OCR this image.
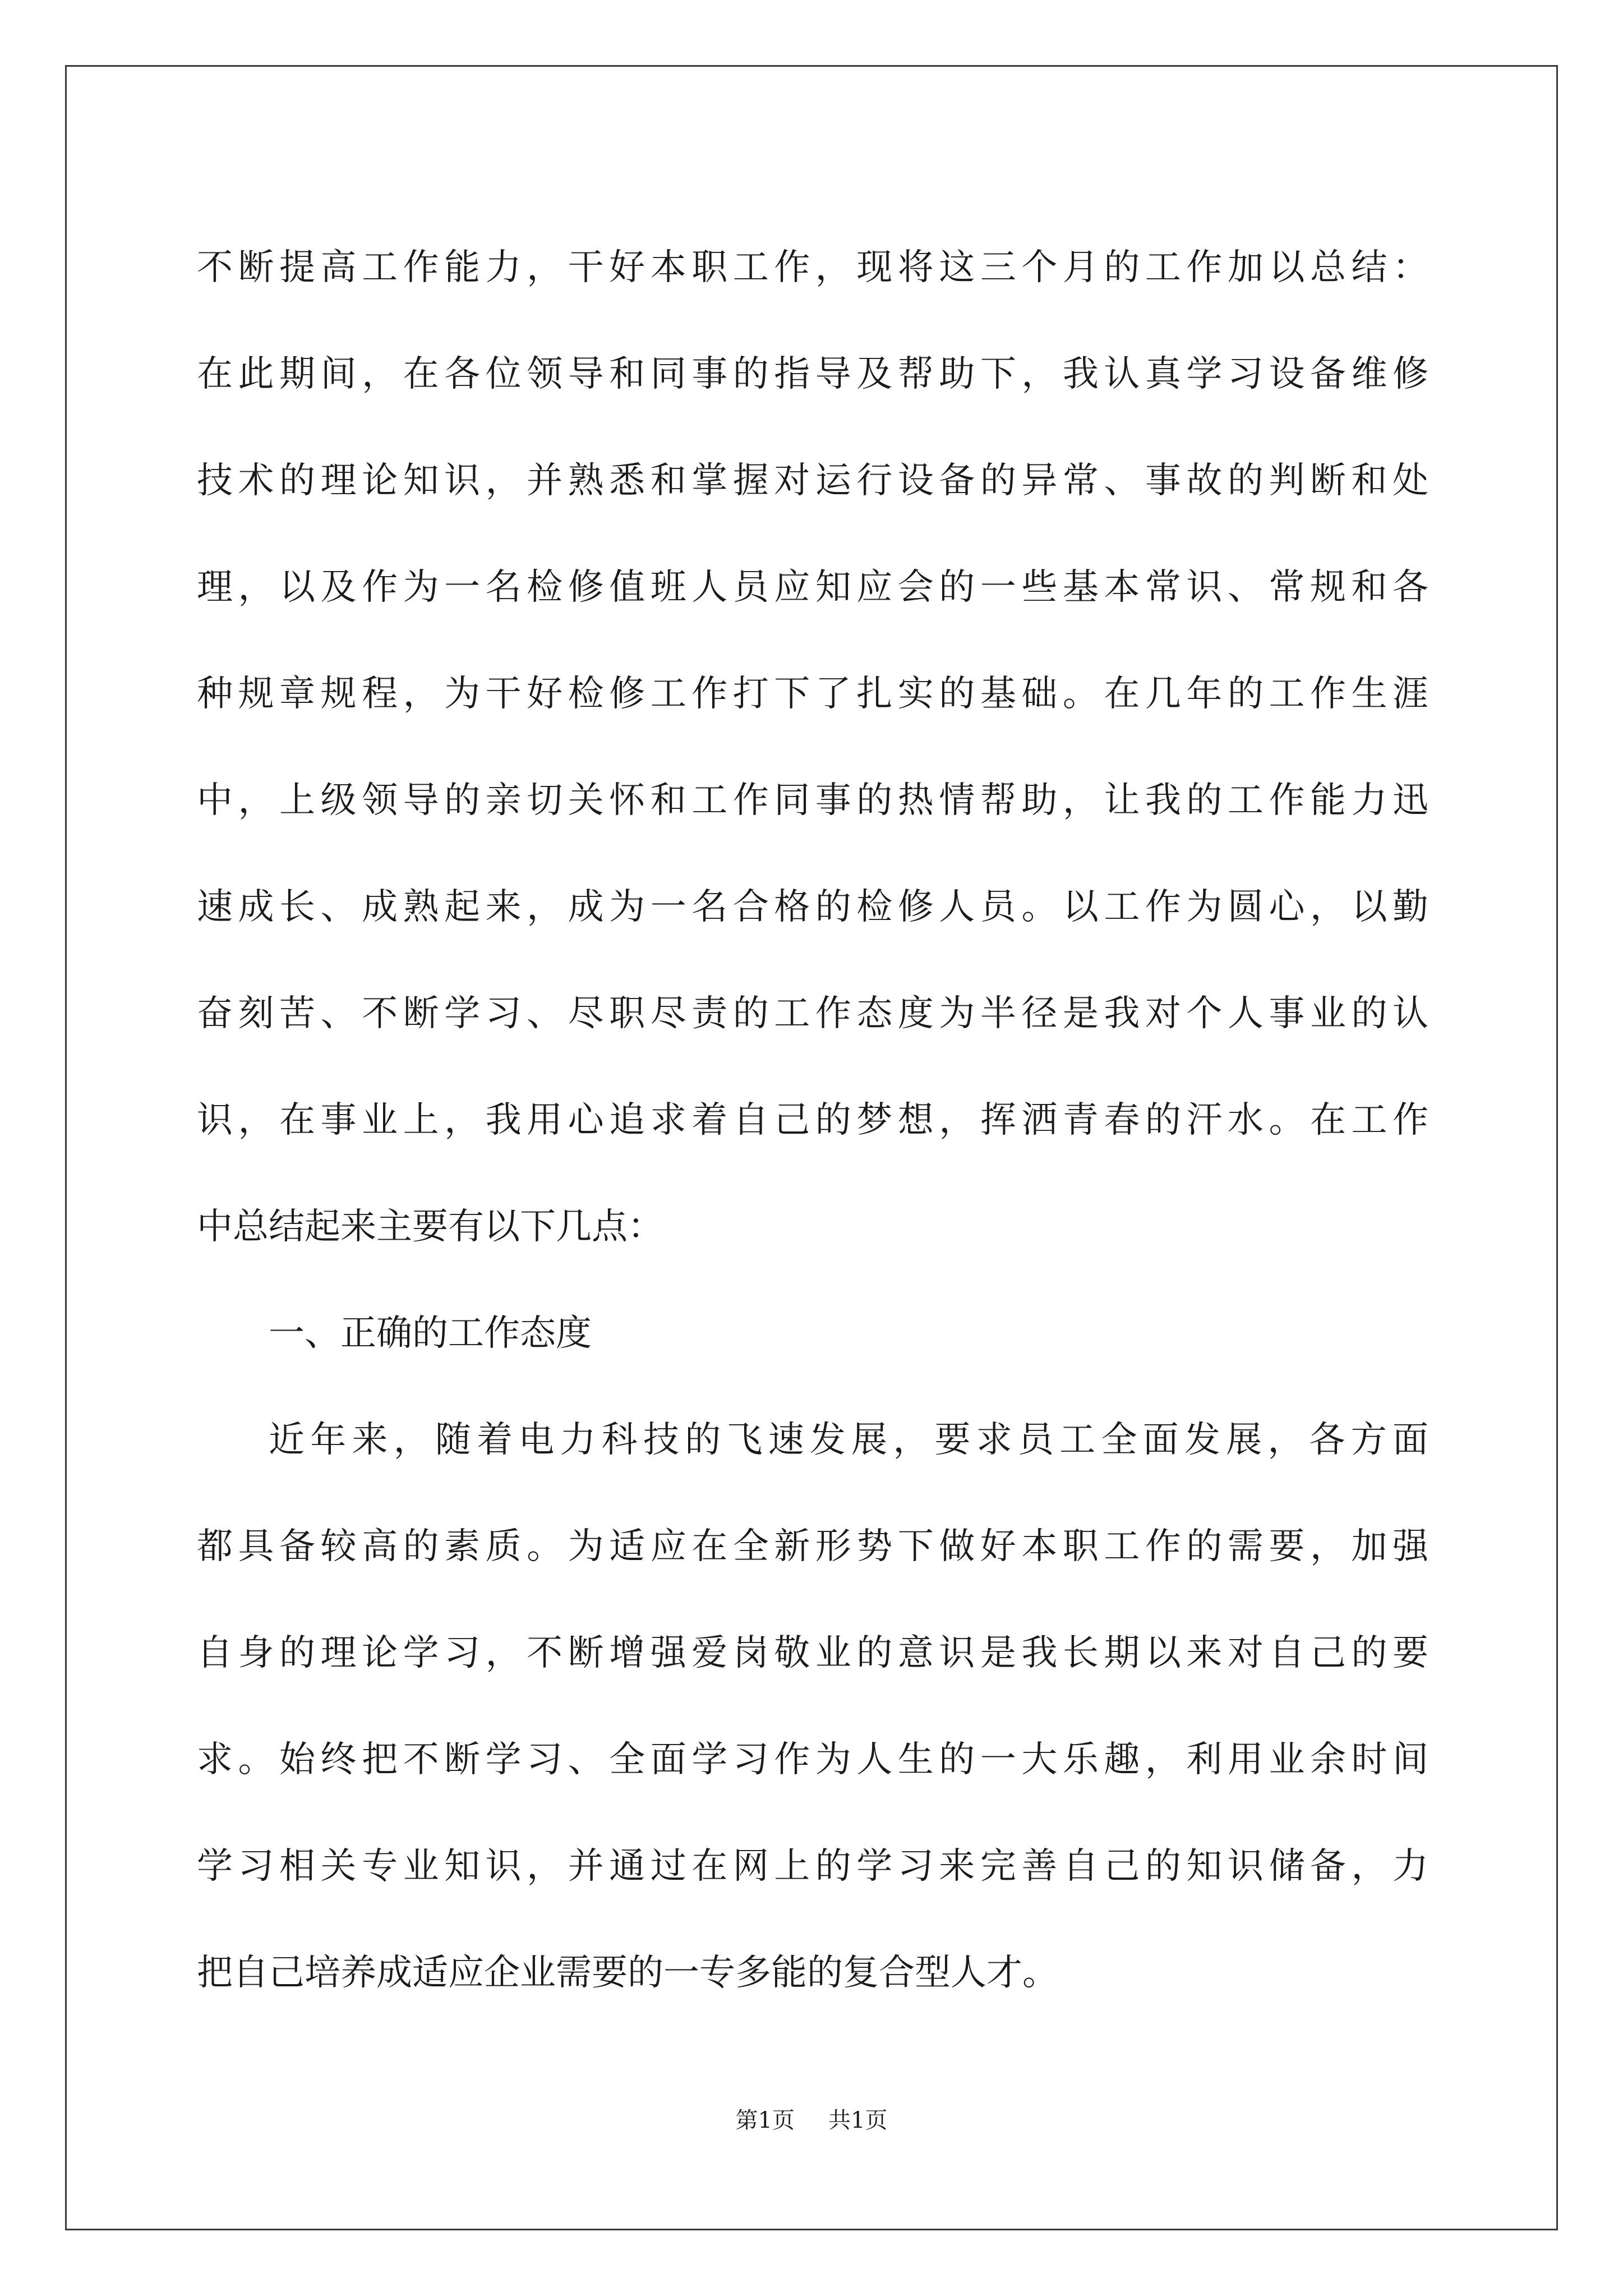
不断提高工作能力，干好本职工作，现将这三个月的工作加以总结：
在此期间，在各位领导和同事的指导及帮助下，我认真学习设备维修
技术的理论知识，并熟悉和掌握对运行设备的异常、事故的判断和处
理，以及作为一名检修值班人员应知应会的一些基本常识、常规和各
种规章规程，为干好检修工作打下了扎实的基础。在几年的工作生涯
中，上级领导的亲切关怀和工作同事的热情帮助，让我的工作能力迅
速成长、成熟起来，成为一名合格的检修人员。以工作为圆心，以勤
奋刻苦、不断学习、尽职尽责的工作态度为半径是我对个人事业的认
识，在事业上，我用心追求着自己的梦想，挥洒青春的汗水。在工作
中总结起来主要有以下几点：
一、正确的工作态度
近年来，随着电力科技的飞速发展，要求员工全面发展，各方面
都具备较高的素质。为适应在全新形势下做好本职工作的需要，加强
自身的理论学习，不断增强爱岗敬业的意识是我长期以来对自己的要
求。始终把不断学习、全面学习作为人生的一大乐趣，利用业余时间
学习相关专业知识，并通过在网上的学习来完善自己的知识储备，力
把自己培养成适应企业需要的一专多能的复合型人才。
第1页 共1页
